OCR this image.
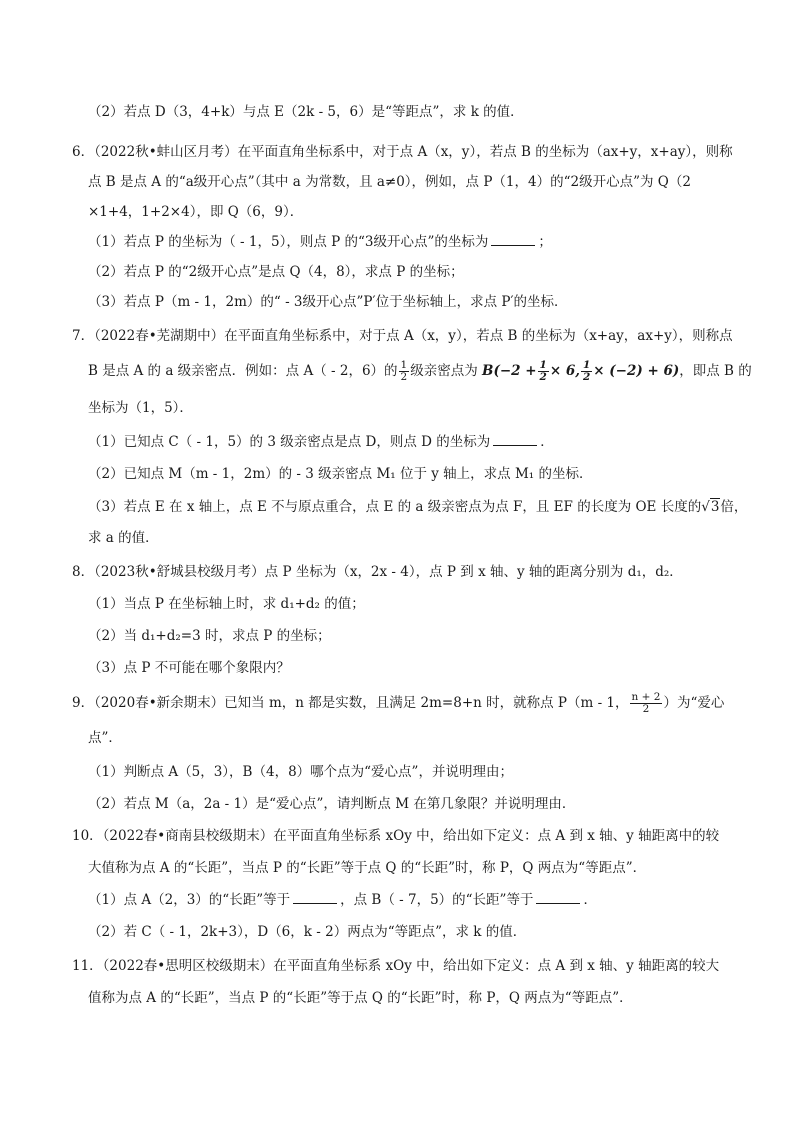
（2）若点 D（3，4+k）与点 E（2k - 5，6）是“等距点”，求 k 的值．
6．（2022秋•蚌山区月考）在平面直角坐标系中，对于点 A（x，y），若点 B 的坐标为（ax+y，x+ay），则称
点 B 是点 A 的“a级开心点”（其中 a 为常数，且 a≠0），例如，点 P（1，4）的“2级开心点”为 Q（2
×1+4，1+2×4），即 Q（6，9）．
（1）若点 P 的坐标为（ - 1，5），则点 P 的“3级开心点”的坐标为	；
（2）若点 P 的“2级开心点”是点 Q（4，8），求点 P 的坐标；
（3）若点 P（m - 1，2m）的“ - 3级开心点”P′位于坐标轴上，求点 P′的坐标．
7．（2022春•芜湖期中）在平面直角坐标系中，对于点 A（x，y），若点 B 的坐标为（x+ay，ax+y），则称点
B 是点 A 的 a 级亲密点．例如：点 A（ - 2，6）的 $\frac{1}{2}$ 级亲密点为 $B(-2 + \frac{1}{2} \times 6$, $\frac{1}{2} \times (-2) + 6$)，即点 B 的
坐标为（1，5）．
（1）已知点 C（ - 1，5）的 3 级亲密点是点 D，则点 D 的坐标为	．
（2）已知点 M（m - 1，2m）的 - 3 级亲密点 M₁ 位于 y 轴上，求点 M₁ 的坐标．
（3）若点 E 在 x 轴上，点 E 不与原点重合，点 E 的 a 级亲密点为点 F，且 EF 的长度为 OE 长度的√3倍，
求 a 的值．
8．（2023秋•舒城县校级月考）点 P 坐标为（x，2x - 4），点 P 到 x 轴、y 轴的距离分别为 d₁，d₂．
（1）当点 P 在坐标轴上时，求 d₁+d₂ 的值；
（2）当 d₁+d₂=3 时，求点 P 的坐标；
（3）点 P 不可能在哪个象限内？
9．（2020春•新余期末）已知当 m，n 都是实数，且满足 2m=8+n 时，就称点 P（m - 1， $\frac{n + 2}{2}$ ）为“爱心
点”．
（1）判断点 A（5，3），B（4，8）哪个点为“爱心点”，并说明理由；
（2）若点 M（a，2a - 1）是“爱心点”，请判断点 M 在第几象限？并说明理由．
10．（2022春•商南县校级期末）在平面直角坐标系 xOy 中，给出如下定义：点 A 到 x 轴、y 轴距离中的较
大值称为点 A 的“长距”，当点 P 的“长距”等于点 Q 的“长距”时，称 P，Q 两点为“等距点”．
（1）点 A（2，3）的“长距”等于	，点 B（ - 7，5）的“长距”等于	．
（2）若 C（ - 1，2k+3），D（6，k - 2）两点为“等距点”，求 k 的值．
11．（2022春•思明区校级期末）在平面直角坐标系 xOy 中，给出如下定义：点 A 到 x 轴、y 轴距离的较大
值称为点 A 的“长距”，当点 P 的“长距”等于点 Q 的“长距”时，称 P，Q 两点为“等距点”．
